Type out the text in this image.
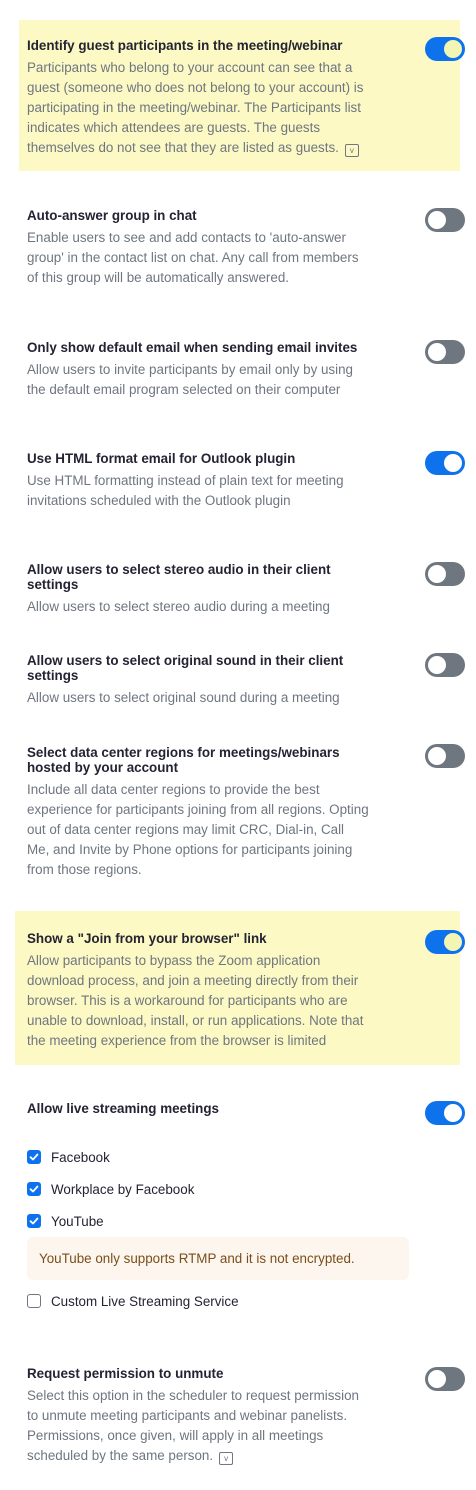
Identify guest participants in the meeting/webinar
Participants who belong to your account can see that a guest (someone who does not belong to your account) is participating in the meeting/webinar. The Participants list indicates which attendees are guests. The guests themselves do not see that they are listed as guests. v
Auto-answer group in chat
Enable users to see and add contacts to 'auto-answer group' in the contact list on chat. Any call from members of this group will be automatically answered.
Only show default email when sending email invites
Allow users to invite participants by email only by using the default email program selected on their computer
Use HTML format email for Outlook plugin
Use HTML formatting instead of plain text for meeting invitations scheduled with the Outlook plugin
Allow users to select stereo audio in their client settings
Allow users to select stereo audio during a meeting
Allow users to select original sound in their client settings
Allow users to select original sound during a meeting
Select data center regions for meetings/webinars hosted by your account
Include all data center regions to provide the best experience for participants joining from all regions. Opting out of data center regions may limit CRC, Dial-in, Call Me, and Invite by Phone options for participants joining from those regions.
Show a "Join from your browser" link
Allow participants to bypass the Zoom application download process, and join a meeting directly from their browser. This is a workaround for participants who are unable to download, install, or run applications. Note that the meeting experience from the browser is limited
Allow live streaming meetings
Facebook
Workplace by Facebook
YouTube
YouTube only supports RTMP and it is not encrypted.
Custom Live Streaming Service
Request permission to unmute
Select this option in the scheduler to request permission to unmute meeting participants and webinar panelists. Permissions, once given, will apply in all meetings scheduled by the same person. v
